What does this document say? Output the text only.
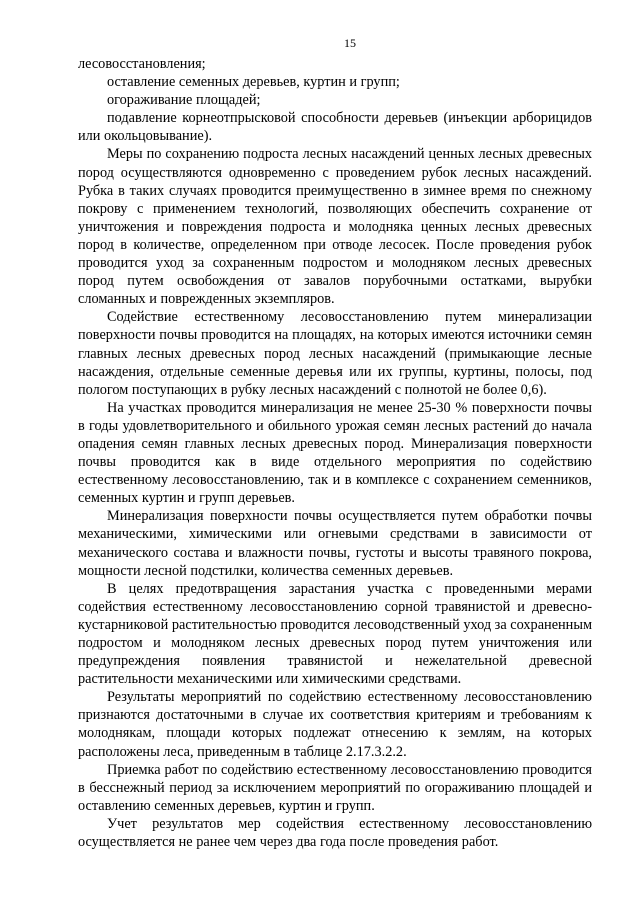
15

лесовосстановления;

оставление семенных деревьев, куртин и групп;

огораживание площадей;

подавление корнеотпрысковой способности деревьев (инъекции арборицидов или окольцовывание).

Меры по сохранению подроста лесных насаждений ценных лесных древесных пород осуществляются одновременно с проведением рубок лесных насаждений. Рубка в таких случаях проводится преимущественно в зимнее время по снежному покрову с применением технологий, позволяющих обеспечить сохранение от уничтожения и повреждения подроста и молодняка ценных лесных древесных пород в количестве, определенном при отводе лесосек. После проведения рубок проводится уход за сохраненным подростом и молодняком лесных древесных пород путем освобождения от завалов порубочными остатками, вырубки сломанных и поврежденных экземпляров.

Содействие естественному лесовосстановлению путем минерализации поверхности почвы проводится на площадях, на которых имеются источники семян главных лесных древесных пород лесных насаждений (примыкающие лесные насаждения, отдельные семенные деревья или их группы, куртины, полосы, под пологом поступающих в рубку лесных насаждений с полнотой не более 0,6).

На участках проводится минерализация не менее 25-30 % поверхности почвы в годы удовлетворительного и обильного урожая семян лесных растений до начала опадения семян главных лесных древесных пород. Минерализация поверхности почвы проводится как в виде отдельного мероприятия по содействию естественному лесовосстановлению, так и в комплексе с сохранением семенников, семенных куртин и групп деревьев.

Минерализация поверхности почвы осуществляется путем обработки почвы механическими, химическими или огневыми средствами в зависимости от механического состава и влажности почвы, густоты и высоты травяного покрова, мощности лесной подстилки, количества семенных деревьев.

В целях предотвращения зарастания участка с проведенными мерами содействия естественному лесовосстановлению сорной травянистой и древесно-кустарниковой растительностью проводится лесоводственный уход за сохраненным подростом и молодняком лесных древесных пород путем уничтожения или предупреждения появления травянистой и нежелательной древесной растительности механическими или химическими средствами.

Результаты мероприятий по содействию естественному лесовосстановлению признаются достаточными в случае их соответствия критериям и требованиям к молоднякам, площади которых подлежат отнесению к землям, на которых расположены леса, приведенным в таблице 2.17.3.2.2.

Приемка работ по содействию естественному лесовосстановлению проводится в бесснежный период за исключением мероприятий по огораживанию площадей и оставлению семенных деревьев, куртин и групп.

Учет результатов мер содействия естественному лесовосстановлению осуществляется не ранее чем через два года после проведения работ.
